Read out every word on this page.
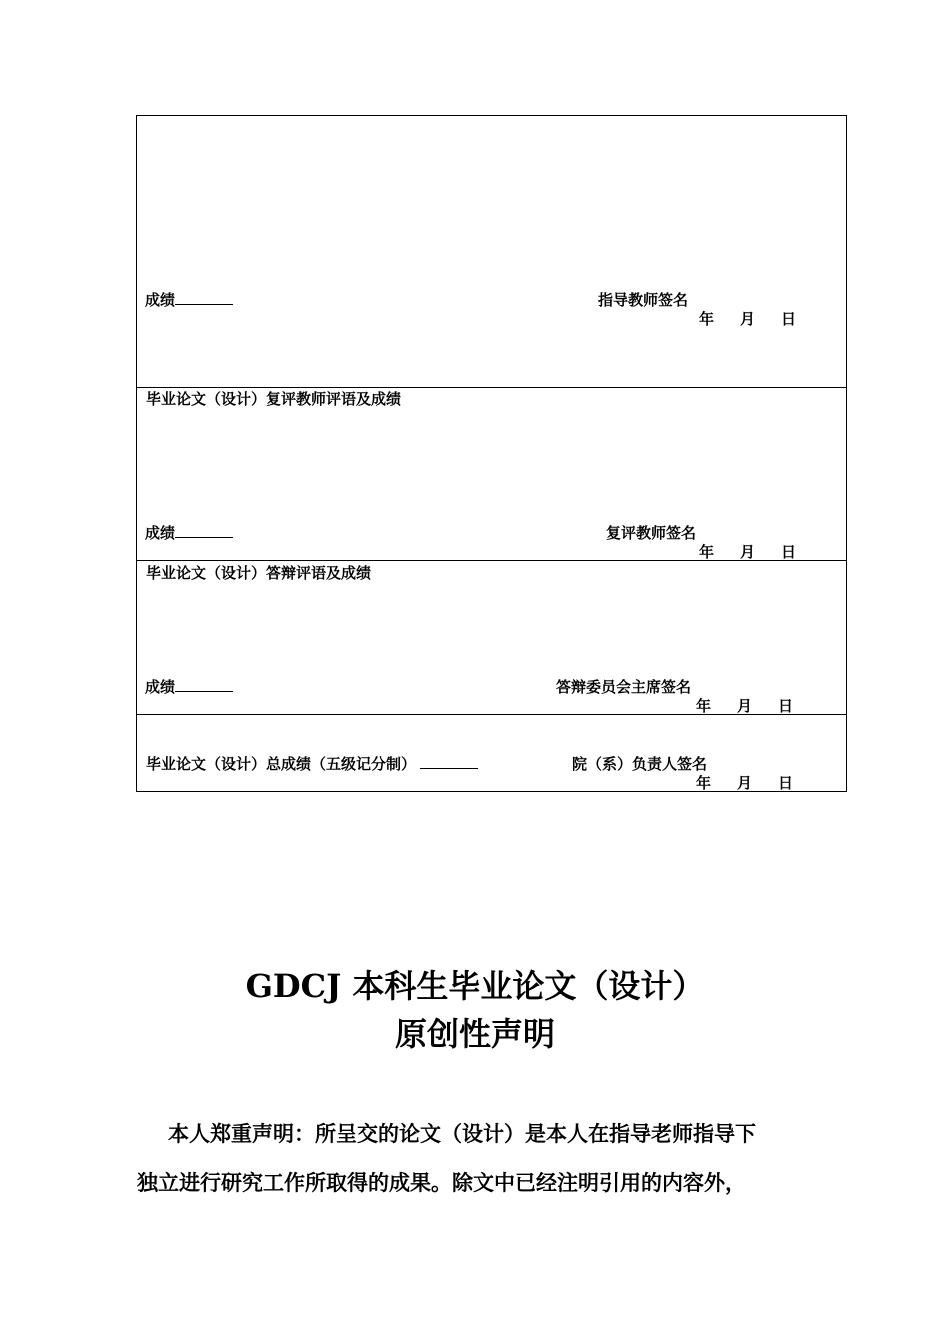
成绩	指导教师签名
年 月 日
毕业论文（设计）复评教师评语及成绩
成绩	复评教师签名
年 月 日
毕业论文（设计）答辩评语及成绩
成绩	答辩委员会主席签名
年 月 日
毕业论文（设计）总成绩（五级记分制）	院（系）负责人签名
年 月 日
GDCJ 本科生毕业论文（设计）
原创性声明
本人郑重声明：所呈交的论文（设计）是本人在指导老师指导下
独立进行研究工作所取得的成果。除文中已经注明引用的内容外，
